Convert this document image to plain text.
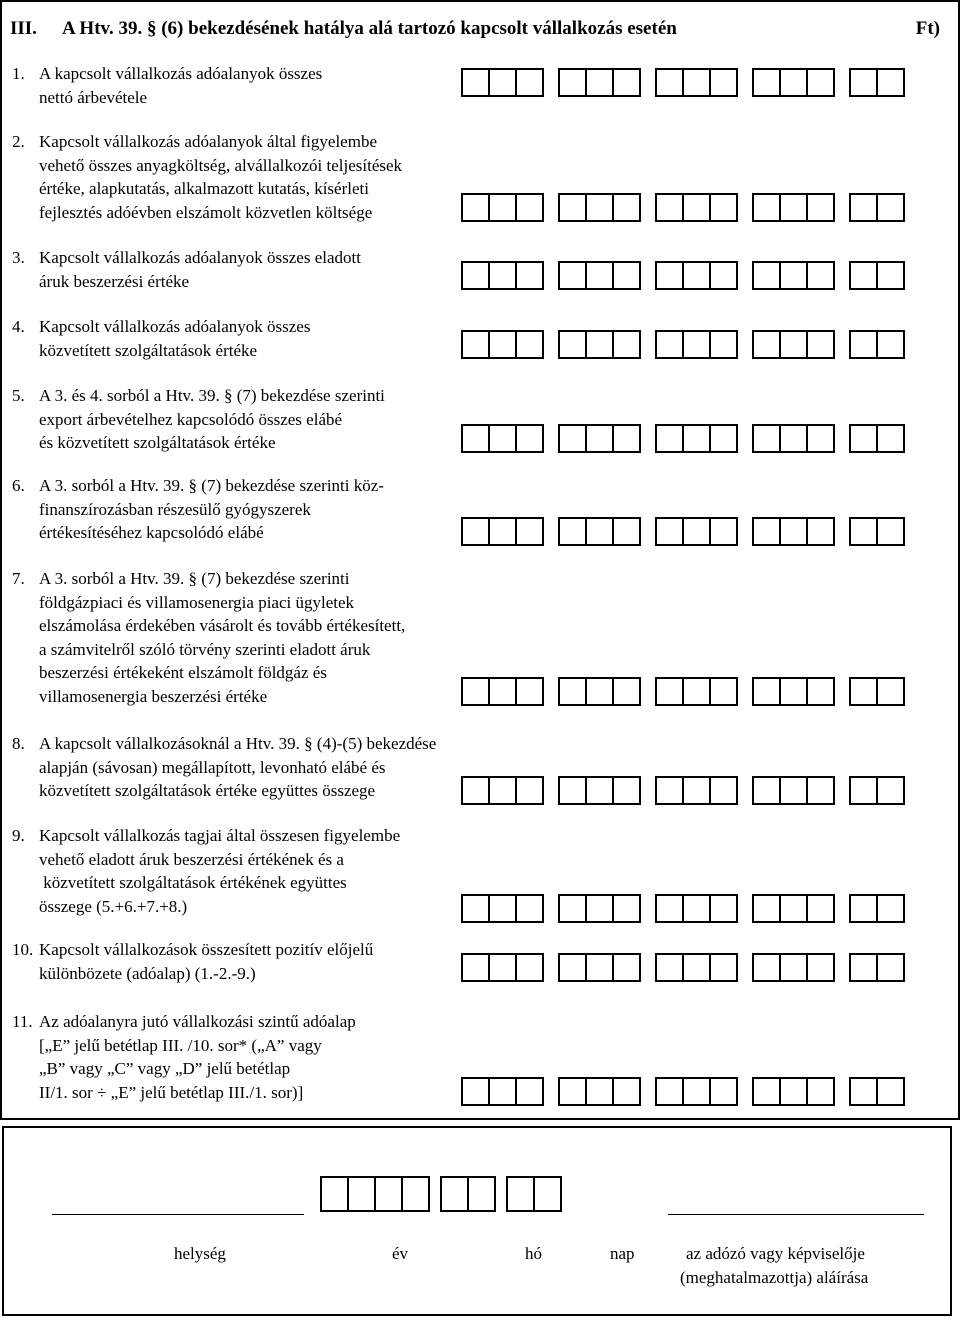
III. A Htv. 39. § (6) bekezdésének hatálya alá tartozó kapcsolt vállalkozás esetén	Ft)
1. A kapcsolt vállalkozás adóalanyok összes
nettó árbevétele
2. Kapcsolt vállalkozás adóalanyok által figyelembe
vehető összes anyagköltség, alvállalkozói teljesítések
értéke, alapkutatás, alkalmazott kutatás, kísérleti
fejlesztés adóévben elszámolt közvetlen költsége
3. Kapcsolt vállalkozás adóalanyok összes eladott
áruk beszerzési értéke
4. Kapcsolt vállalkozás adóalanyok összes
közvetített szolgáltatások értéke
5. A 3. és 4. sorból a Htv. 39. § (7) bekezdése szerinti
export árbevételhez kapcsolódó összes elábé
és közvetített szolgáltatások értéke
6. A 3. sorból a Htv. 39. § (7) bekezdése szerinti köz-
finanszírozásban részesülő gyógyszerek
értékesítéséhez kapcsolódó elábé
7. A 3. sorból a Htv. 39. § (7) bekezdése szerinti
földgázpiaci és villamosenergia piaci ügyletek
elszámolása érdekében vásárolt és tovább értékesített,
a számvitelről szóló törvény szerinti eladott áruk
beszerzési értékeként elszámolt földgáz és
villamosenergia beszerzési értéke
8. A kapcsolt vállalkozásoknál a Htv. 39. § (4)-(5) bekezdése
alapján (sávosan) megállapított, levonható elábé és
közvetített szolgáltatások értéke együttes összege
9. Kapcsolt vállalkozás tagjai által összesen figyelembe
vehető eladott áruk beszerzési értékének és a
közvetített szolgáltatások értékének együttes
összege (5.+6.+7.+8.)
10. Kapcsolt vállalkozások összesített pozitív előjelű
különbözete (adóalap) (1.-2.-9.)
11. Az adóalanyra jutó vállalkozási szintű adóalap
[„E” jelű betétlap III. /10. sor* („A” vagy
„B” vagy „C” vagy „D” jelű betétlap
II/1. sor ÷ „E” jelű betétlap III./1. sor)]
helység	év	hó	nap	az adózó vagy képviselője
(meghatalmazottja) aláírása
